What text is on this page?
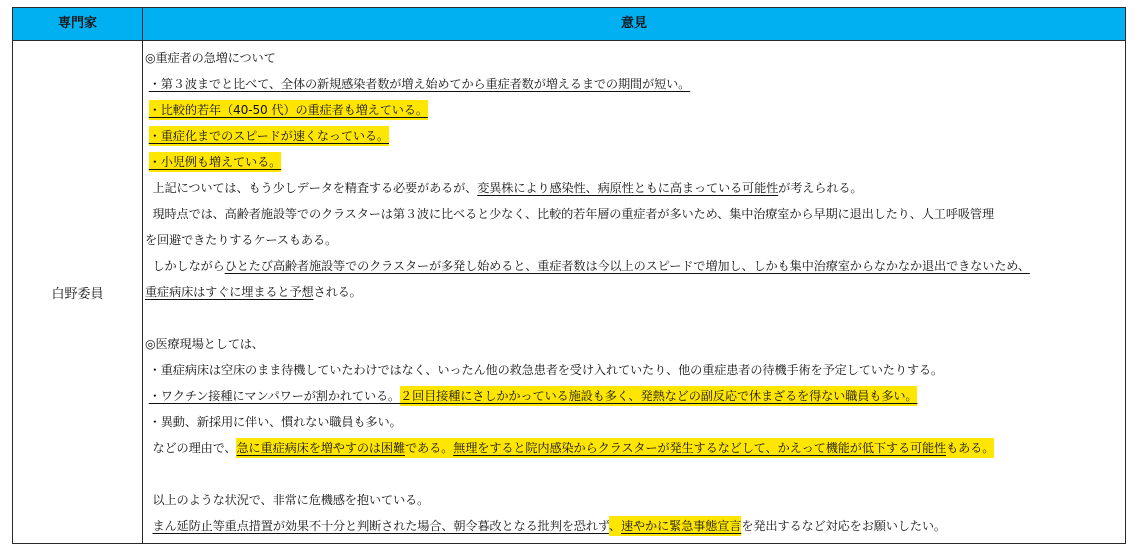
専門家	意見
白野委員
◎重症者の急増について
・第３波までと比べて、全体の新規感染者数が増え始めてから重症者数が増えるまでの期間が短い。
・比較的若年（40-50 代）の重症者も増えている。
・重症化までのスピードが速くなっている。
・小児例も増えている。
上記については、もう少しデータを精査する必要があるが、変異株により感染性、病原性ともに高まっている可能性が考えられる。
現時点では、高齢者施設等でのクラスターは第３波に比べると少なく、比較的若年層の重症者が多いため、集中治療室から早期に退出したり、人工呼吸管理
を回避できたりするケースもある。
しかしながらひとたび高齢者施設等でのクラスターが多発し始めると、重症者数は今以上のスピードで増加し、しかも集中治療室からなかなか退出できないため、
重症病床はすぐに埋まると予想される。
◎医療現場としては、
・重症病床は空床のまま待機していたわけではなく、いったん他の救急患者を受け入れていたり、他の重症患者の待機手術を予定していたりする。
・ワクチン接種にマンパワーが割かれている。２回目接種にさしかかっている施設も多く、発熱などの副反応で休まざるを得ない職員も多い。
・異動、新採用に伴い、慣れない職員も多い。
などの理由で、急に重症病床を増やすのは困難である。無理をすると院内感染からクラスターが発生するなどして、かえって機能が低下する可能性もある。
以上のような状況で、非常に危機感を抱いている。
まん延防止等重点措置が効果不十分と判断された場合、朝令暮改となる批判を恐れず、速やかに緊急事態宣言を発出するなど対応をお願いしたい。
